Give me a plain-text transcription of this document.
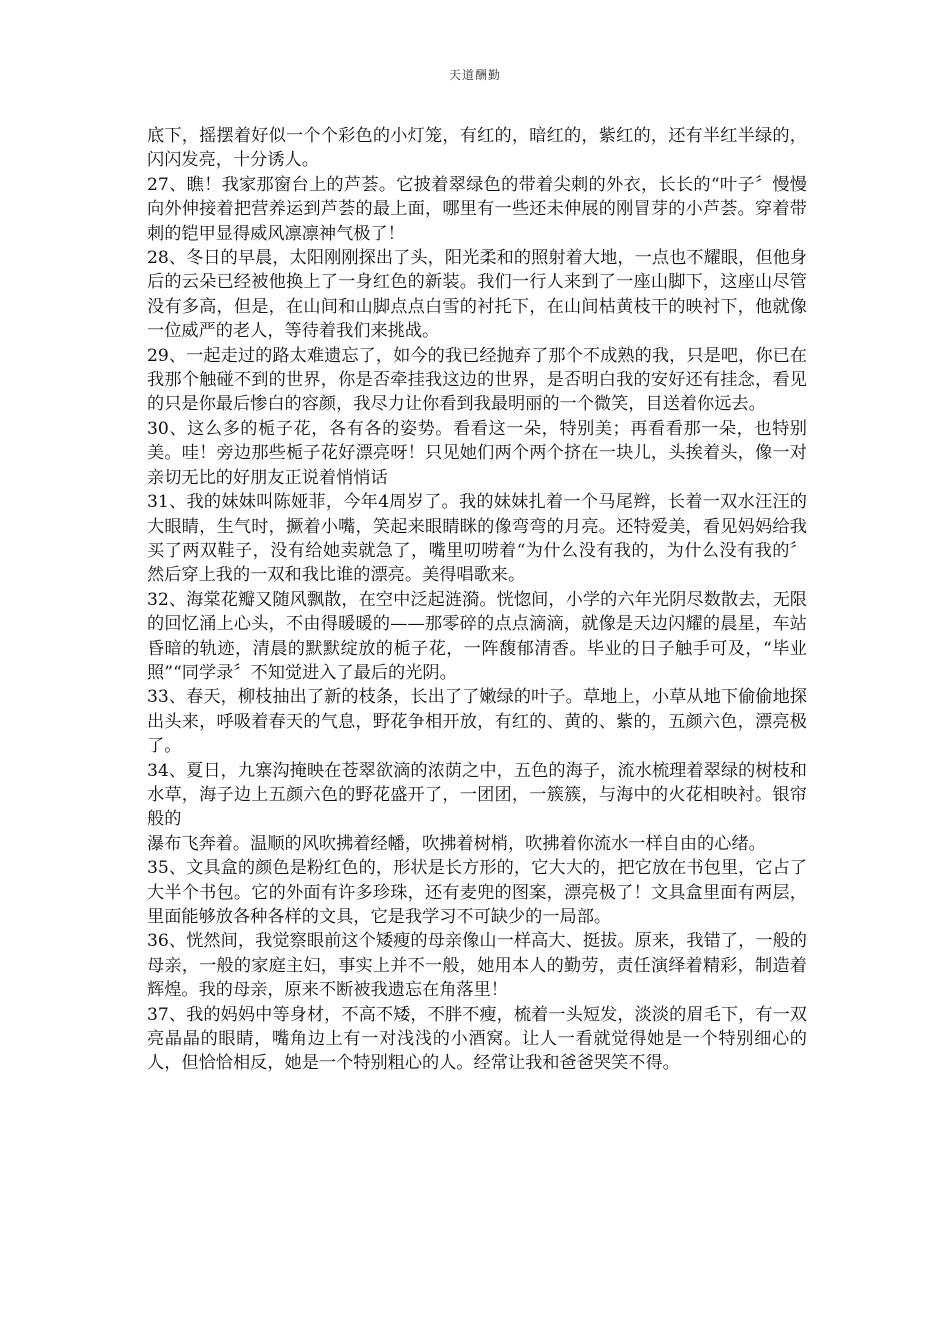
天道酬勤

底下，摇摆着好似一个个彩色的小灯笼，有红的，暗红的，紫红的，还有半红半绿的，闪闪发亮，十分诱人。

27、瞧！我家那窗台上的芦荟。它披着翠绿色的带着尖刺的外衣，长长的“叶子〞慢慢向外伸接着把营养运到芦荟的最上面，哪里有一些还未伸展的刚冒芽的小芦荟。穿着带刺的铠甲显得威风凛凛神气极了！

28、冬日的早晨，太阳刚刚探出了头，阳光柔和的照射着大地，一点也不耀眼，但他身后的云朵已经被他换上了一身红色的新装。我们一行人来到了一座山脚下，这座山尽管没有多高，但是，在山间和山脚点点白雪的衬托下，在山间枯黄枝干的映衬下，他就像一位威严的老人，等待着我们来挑战。

29、一起走过的路太难遗忘了，如今的我已经抛弃了那个不成熟的我，只是吧，你已在我那个触碰不到的世界，你是否牵挂我这边的世界，是否明白我的安好还有挂念，看见的只是你最后惨白的容颜，我尽力让你看到我最明丽的一个微笑，目送着你远去。

30、这么多的栀子花，各有各的姿势。看看这一朵，特别美；再看看那一朵，也特别美。哇！旁边那些栀子花好漂亮呀！只见她们两个两个挤在一块儿，头挨着头，像一对亲切无比的好朋友正说着悄悄话

31、我的妹妹叫陈娅菲，今年4周岁了。我的妹妹扎着一个马尾辫，长着一双水汪汪的大眼睛，生气时，撅着小嘴，笑起来眼睛眯的像弯弯的月亮。还特爱美，看见妈妈给我买了两双鞋子，没有给她卖就急了，嘴里叨唠着“为什么没有我的，为什么没有我的〞然后穿上我的一双和我比谁的漂亮。美得唱歌来。

32、海棠花瓣又随风飘散，在空中泛起涟漪。恍惚间，小学的六年光阴尽数散去，无限的回忆涌上心头，不由得暖暖的——那零碎的点点滴滴，就像是天边闪耀的晨星，车站昏暗的轨迹，清晨的默默绽放的栀子花，一阵馥郁清香。毕业的日子触手可及，“毕业照”“同学录〞不知觉进入了最后的光阴。

33、春天，柳枝抽出了新的枝条，长出了了嫩绿的叶子。草地上，小草从地下偷偷地探出头来，呼吸着春天的气息，野花争相开放，有红的、黄的、紫的，五颜六色，漂亮极了。

34、夏日，九寨沟掩映在苍翠欲滴的浓荫之中，五色的海子，流水梳理着翠绿的树枝和水草，海子边上五颜六色的野花盛开了，一团团，一簇簇，与海中的火花相映衬。银帘般的

瀑布飞奔着。温顺的风吹拂着经幡，吹拂着树梢，吹拂着你流水一样自由的心绪。

35、文具盒的颜色是粉红色的，形状是长方形的，它大大的，把它放在书包里，它占了大半个书包。它的外面有许多珍珠，还有麦兜的图案，漂亮极了！文具盒里面有两层，里面能够放各种各样的文具，它是我学习不可缺少的一局部。

36、恍然间，我觉察眼前这个矮瘦的母亲像山一样高大、挺拔。原来，我错了，一般的母亲，一般的家庭主妇，事实上并不一般，她用本人的勤劳，责任演绎着精彩，制造着辉煌。我的母亲，原来不断被我遗忘在角落里！

37、我的妈妈中等身材，不高不矮，不胖不瘦，梳着一头短发，淡淡的眉毛下，有一双亮晶晶的眼睛，嘴角边上有一对浅浅的小酒窝。让人一看就觉得她是一个特别细心的人，但恰恰相反，她是一个特别粗心的人。经常让我和爸爸哭笑不得。
